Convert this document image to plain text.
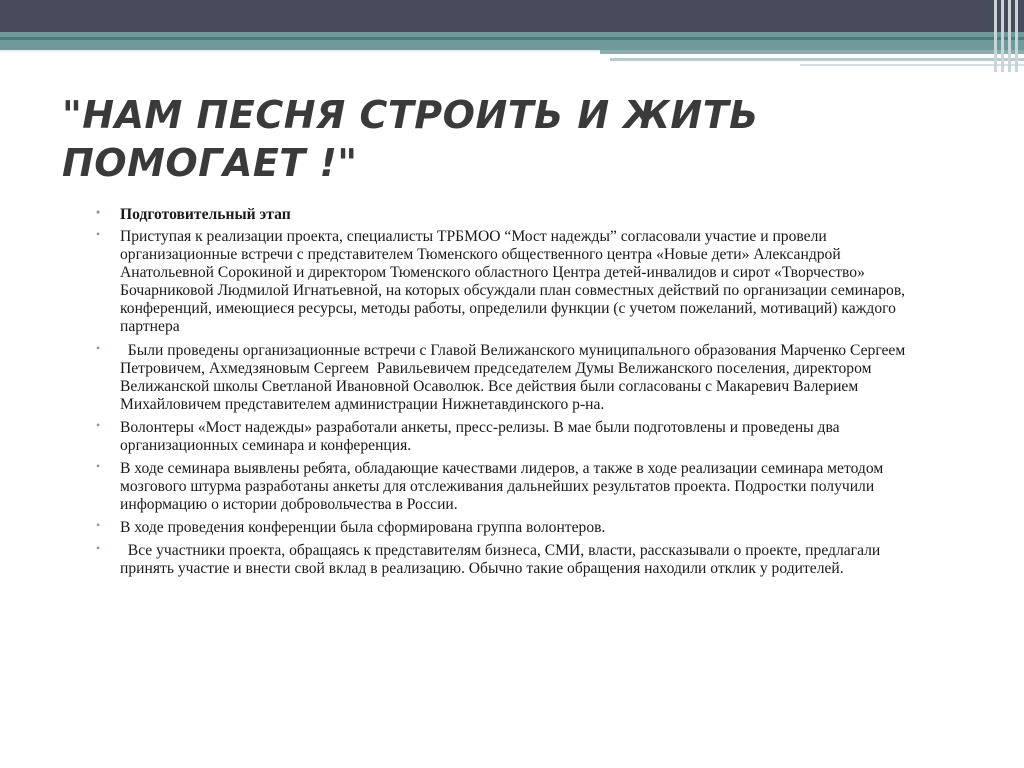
"НАМ ПЕСНЯ СТРОИТЬ И ЖИТЬ ПОМОГАЕТ !"
• Подготовительный этап
• Приступая к реализации проекта, специалисты ТРБМОО “Мост надежды” согласовали участие и провели организационные встречи с представителем Тюменского общественного центра «Новые дети» Александрой Анатольевной Сорокиной и директором Тюменского областного Центра детей-инвалидов и сирот «Творчество» Бочарниковой Людмилой Игнатьевной, на которых обсуждали план совместных действий по организации семинаров, конференций, имеющиеся ресурсы, методы работы, определили функции (с учетом пожеланий, мотиваций) каждого партнера
• Были проведены организационные встречи с Главой Велижанского муниципального образования Марченко Сергеем Петровичем, Ахмедзяновым Сергеем  Равильевичем председателем Думы Велижанского поселения, директором Велижанской школы Светланой Ивановной Осаволюк. Все действия были согласованы с Макаревич Валерием Михайловичем представителем администрации Нижнетавдинского р-на.
• Волонтеры «Мост надежды» разработали анкеты, пресс-релизы. В мае были подготовлены и проведены два организационных семинара и конференция.
• В ходе семинара выявлены ребята, обладающие качествами лидеров, а также в ходе реализации семинара методом мозгового штурма разработаны анкеты для отслеживания дальнейших результатов проекта. Подростки получили информацию о истории добровольчества в России.
• В ходе проведения конференции была сформирована группа волонтеров.
• Все участники проекта, обращаясь к представителям бизнеса, СМИ, власти, рассказывали о проекте, предлагали принять участие и внести свой вклад в реализацию. Обычно такие обращения находили отклик у родителей.
